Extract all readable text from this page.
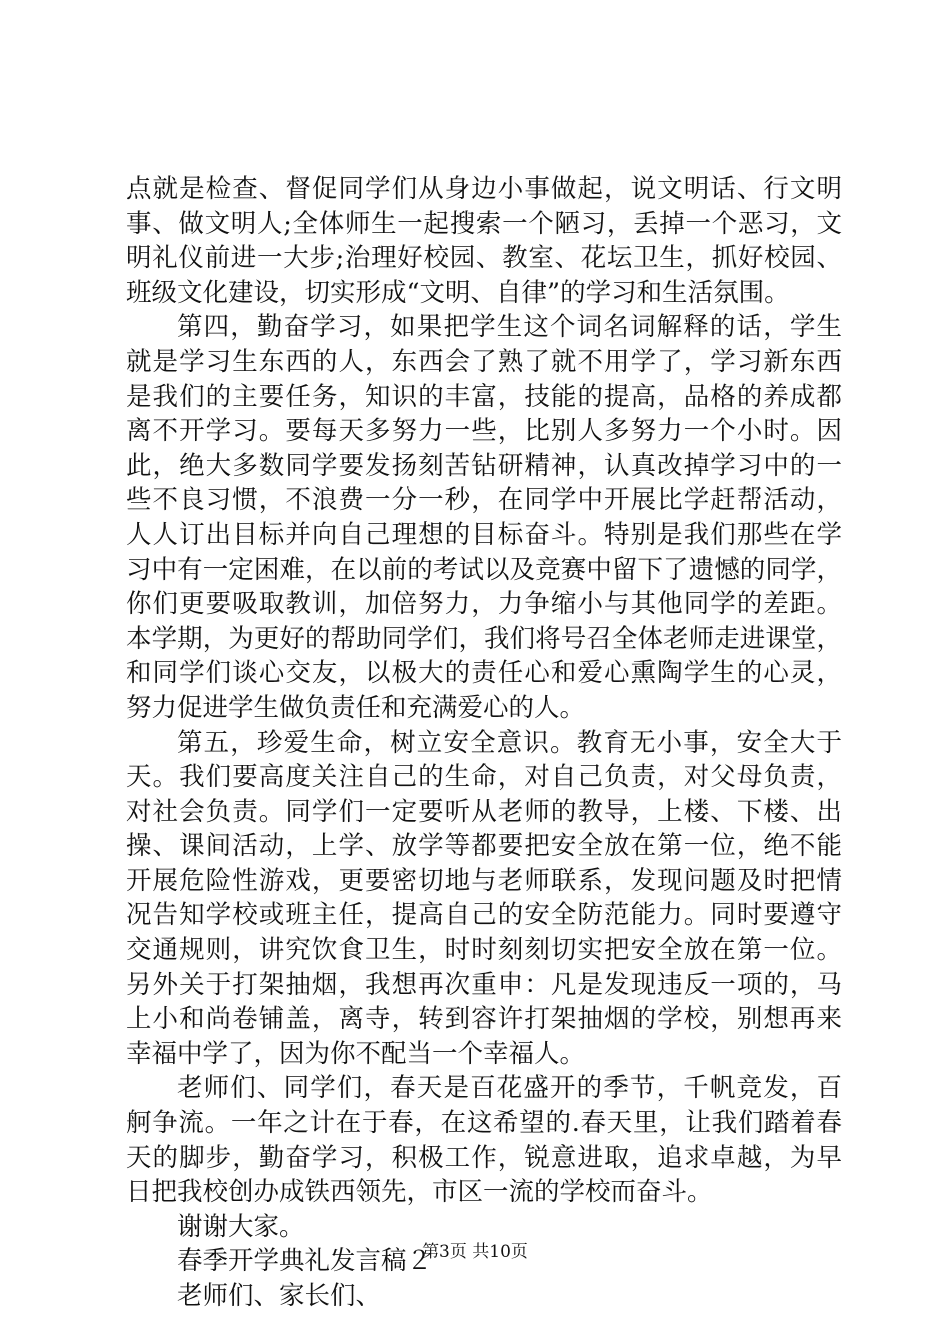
点就是检查、督促同学们从身边小事做起，说文明话、行文明
事、做文明人;全体师生一起搜索一个陋习，丢掉一个恶习，文
明礼仪前进一大步;治理好校园、教室、花坛卫生，抓好校园、
班级文化建设，切实形成“文明、自律”的学习和生活氛围。
第四，勤奋学习，如果把学生这个词名词解释的话，学生
就是学习生东西的人，东西会了熟了就不用学了，学习新东西
是我们的主要任务，知识的丰富，技能的提高，品格的养成都
离不开学习。要每天多努力一些，比别人多努力一个小时。因
此，绝大多数同学要发扬刻苦钻研精神，认真改掉学习中的一
些不良习惯，不浪费一分一秒，在同学中开展比学赶帮活动，
人人订出目标并向自己理想的目标奋斗。特别是我们那些在学
习中有一定困难，在以前的考试以及竞赛中留下了遗憾的同学，
你们更要吸取教训，加倍努力，力争缩小与其他同学的差距。
本学期，为更好的帮助同学们，我们将号召全体老师走进课堂，
和同学们谈心交友，以极大的责任心和爱心熏陶学生的心灵，
努力促进学生做负责任和充满爱心的人。
第五，珍爱生命，树立安全意识。教育无小事，安全大于
天。我们要高度关注自己的生命，对自己负责，对父母负责，
对社会负责。同学们一定要听从老师的教导，上楼、下楼、出
操、课间活动，上学、放学等都要把安全放在第一位，绝不能
开展危险性游戏，更要密切地与老师联系，发现问题及时把情
况告知学校或班主任，提高自己的安全防范能力。同时要遵守
交通规则，讲究饮食卫生，时时刻刻切实把安全放在第一位。
另外关于打架抽烟，我想再次重申：凡是发现违反一项的，马
上小和尚卷铺盖，离寺，转到容许打架抽烟的学校，别想再来
幸福中学了，因为你不配当一个幸福人。
老师们、同学们，春天是百花盛开的季节，千帆竞发，百
舸争流。一年之计在于春，在这希望的.春天里，让我们踏着春
天的脚步，勤奋学习，积极工作，锐意进取，追求卓越，为早
日把我校创办成铁西领先，市区一流的学校而奋斗。
谢谢大家。
春季开学典礼发言稿２
老师们、家长们、
第3页 共10页
